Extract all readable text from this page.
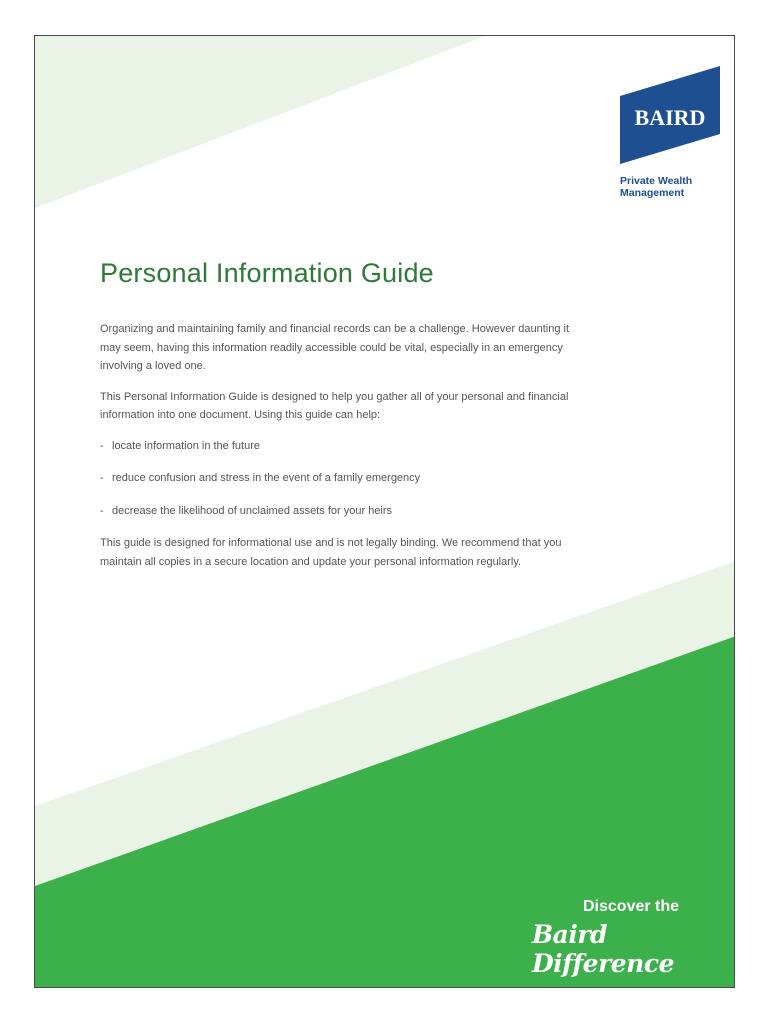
BAIRD
Private Wealth
Management
Personal Information Guide

Organizing and maintaining family and financial records can be a challenge. However daunting it may seem, having this information readily accessible could be vital, especially in an emergency involving a loved one.

This Personal Information Guide is designed to help you gather all of your personal and financial information into one document. Using this guide can help:

- locate information in the future
- reduce confusion and stress in the event of a family emergency
- decrease the likelihood of unclaimed assets for your heirs

This guide is designed for informational use and is not legally binding. We recommend that you maintain all copies in a secure location and update your personal information regularly.

Discover the
Baird Difference
